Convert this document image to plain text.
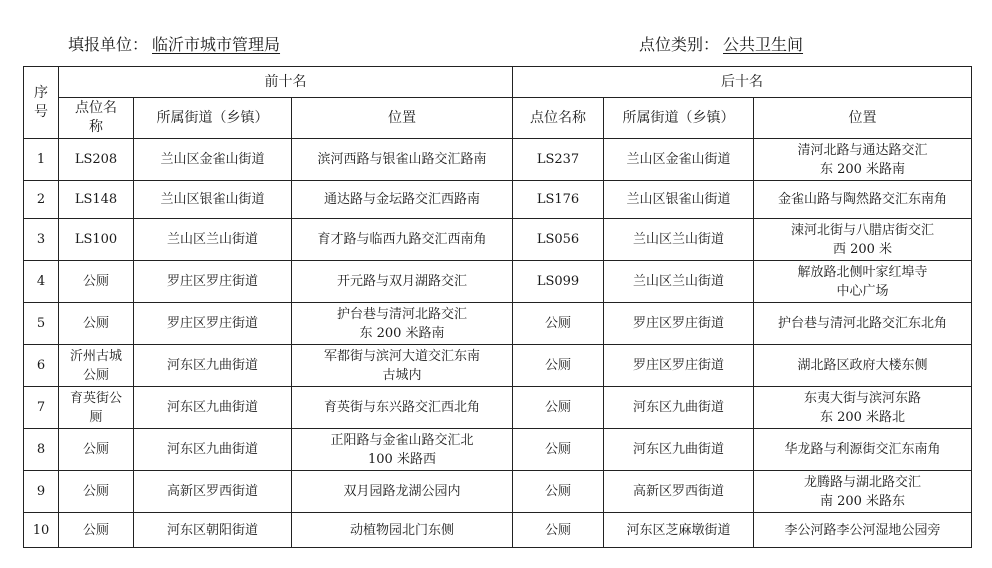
填报单位： 临沂市城市管理局	点位类别： 公共卫生间
序
号	前十名			后十名		

	点位名
称	所属街道（乡镇）	位置	点位名称	所属街道（乡镇）	位置
1	LS208	兰山区金雀山街道	滨河西路与银雀山路交汇路南	LS237	兰山区金雀山街道	清河北路与通达路交汇
东 200 米路南

2	LS148	兰山区银雀山街道	通达路与金坛路交汇西路南	LS176	兰山区银雀山街道	金雀山路与陶然路交汇东南角

3	LS100	兰山区兰山街道	育才路与临西九路交汇西南角	LS056	兰山区兰山街道	涑河北街与八腊店街交汇
西 200 米

4	公厕	罗庄区罗庄街道	开元路与双月湖路交汇	LS099	兰山区兰山街道	解放路北侧叶家红埠寺
中心广场

5	公厕	罗庄区罗庄街道	护台巷与清河北路交汇
东 200 米路南	公厕	罗庄区罗庄街道	护台巷与清河北路交汇东北角

6	沂州古城
公厕	河东区九曲街道	军都街与滨河大道交汇东南
古城内	公厕	罗庄区罗庄街道	湖北路区政府大楼东侧

7	育英街公
厕	河东区九曲街道	育英街与东兴路交汇西北角	公厕	河东区九曲街道	东夷大街与滨河东路
东 200 米路北

8	公厕	河东区九曲街道	正阳路与金雀山路交汇北
100 米路西	公厕	河东区九曲街道	华龙路与利源街交汇东南角

9	公厕	高新区罗西街道	双月园路龙湖公园内	公厕	高新区罗西街道	龙腾路与湖北路交汇
南 200 米路东

10	公厕	河东区朝阳街道	动植物园北门东侧	公厕	河东区芝麻墩街道	李公河路李公河湿地公园旁
